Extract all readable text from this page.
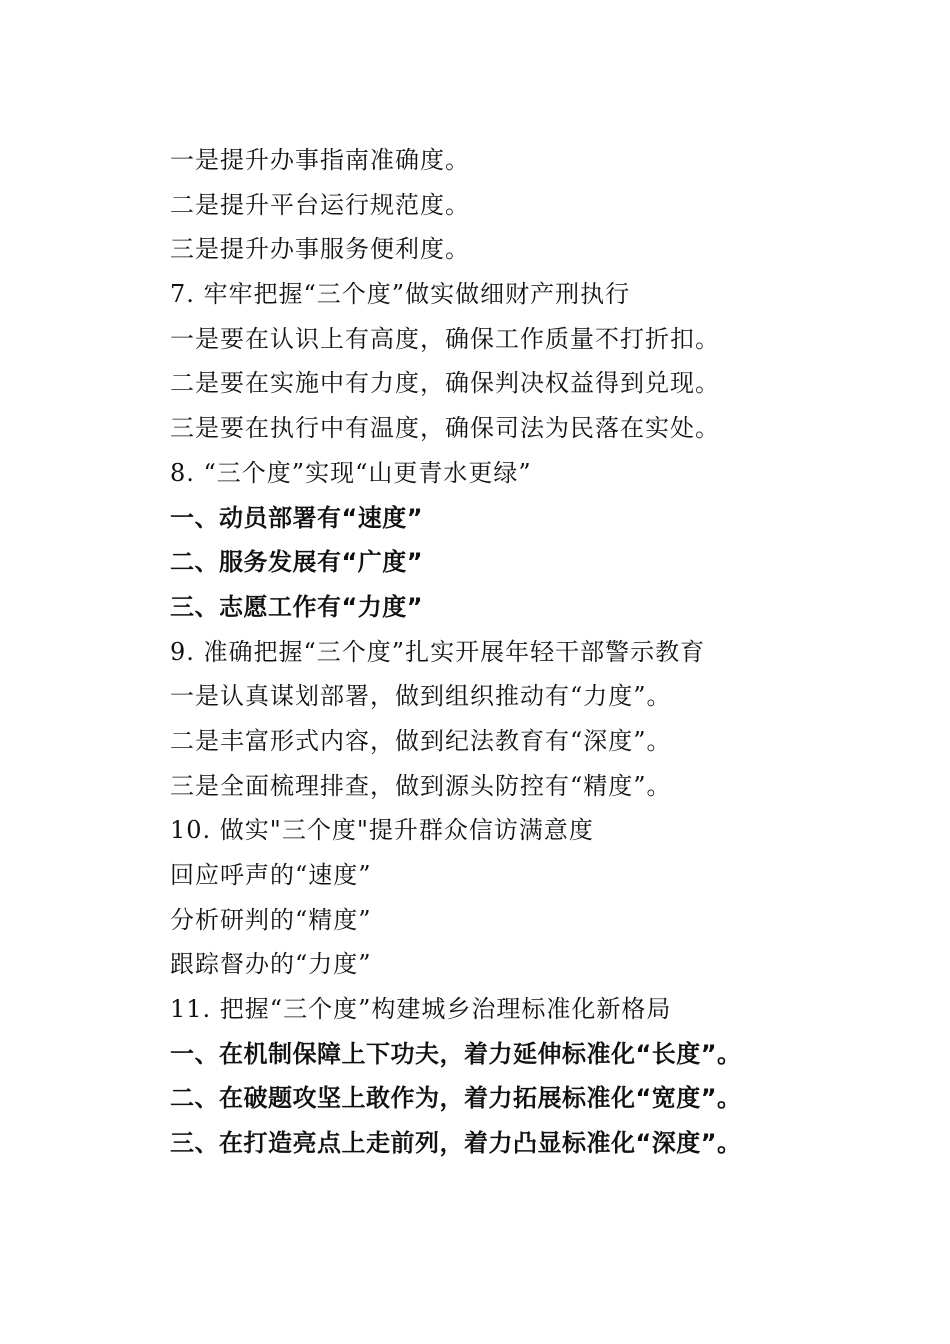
一是提升办事指南准确度。
二是提升平台运行规范度。
三是提升办事服务便利度。
7. 牢牢把握“三个度”做实做细财产刑执行
一是要在认识上有高度，确保工作质量不打折扣。
二是要在实施中有力度，确保判决权益得到兑现。
三是要在执行中有温度，确保司法为民落在实处。
8. “三个度”实现“山更青水更绿”
一、动员部署有“速度”
二、服务发展有“广度”
三、志愿工作有“力度”
9. 准确把握“三个度”扎实开展年轻干部警示教育
一是认真谋划部署，做到组织推动有“力度”。
二是丰富形式内容，做到纪法教育有“深度”。
三是全面梳理排查，做到源头防控有“精度”。
10. 做实"三个度"提升群众信访满意度
回应呼声的“速度”
分析研判的“精度”
跟踪督办的“力度”
11. 把握“三个度”构建城乡治理标准化新格局
一、在机制保障上下功夫，着力延伸标准化“长度”。
二、在破题攻坚上敢作为，着力拓展标准化“宽度”。
三、在打造亮点上走前列，着力凸显标准化“深度”。
